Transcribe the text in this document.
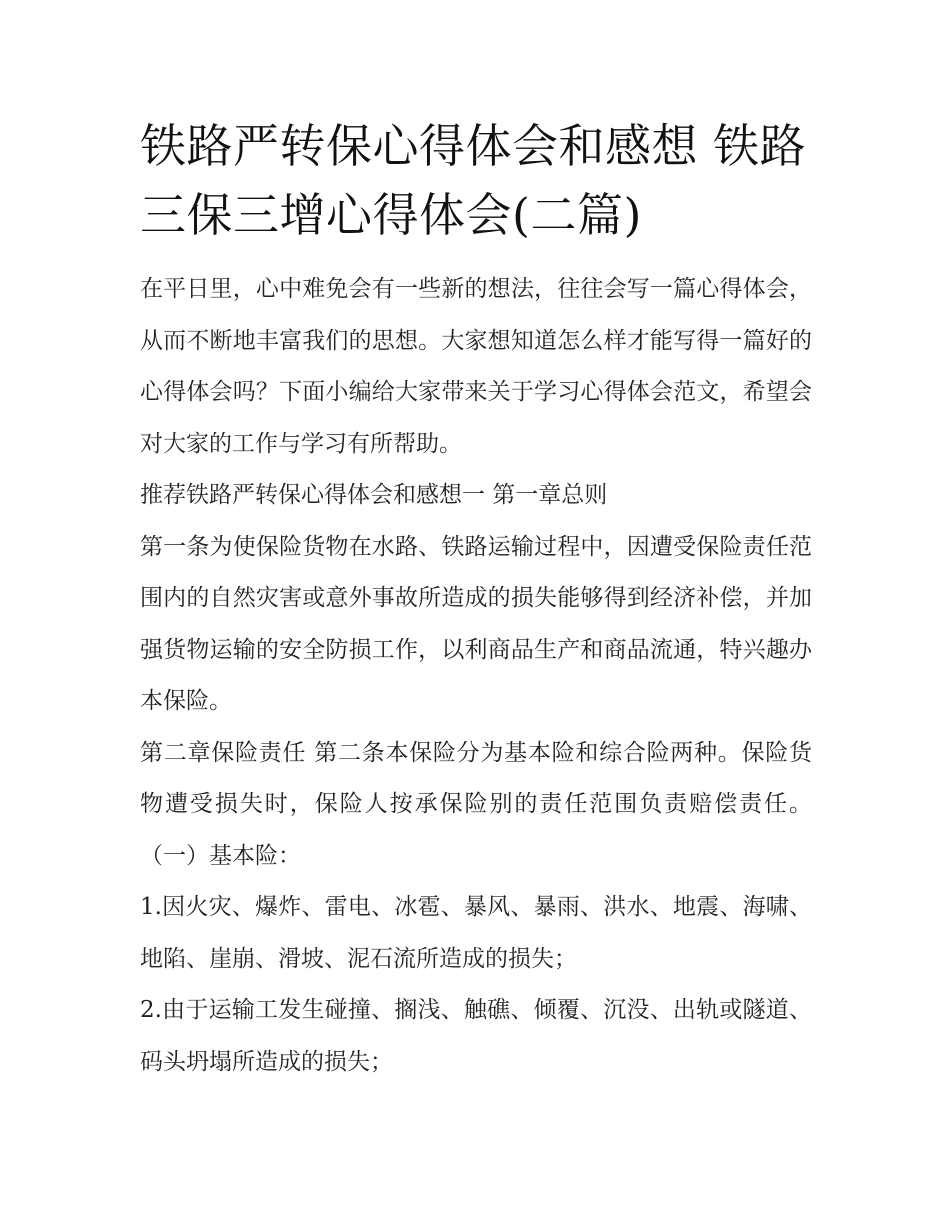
铁路严转保心得体会和感想 铁路三保三增心得体会(二篇)

在平日里，心中难免会有一些新的想法，往往会写一篇心得体会，从而不断地丰富我们的思想。大家想知道怎么样才能写得一篇好的心得体会吗？下面小编给大家带来关于学习心得体会范文，希望会对大家的工作与学习有所帮助。

推荐铁路严转保心得体会和感想一 第一章总则

第一条为使保险货物在水路、铁路运输过程中，因遭受保险责任范围内的自然灾害或意外事故所造成的损失能够得到经济补偿，并加强货物运输的安全防损工作，以利商品生产和商品流通，特兴趣办本保险。

第二章保险责任 第二条本保险分为基本险和综合险两种。保险货物遭受损失时，保险人按承保险别的责任范围负责赔偿责任。 （一）基本险：

1.因火灾、爆炸、雷电、冰雹、暴风、暴雨、洪水、地震、海啸、地陷、崖崩、滑坡、泥石流所造成的损失；

2.由于运输工发生碰撞、搁浅、触礁、倾覆、沉没、出轨或隧道、码头坍塌所造成的损失；
